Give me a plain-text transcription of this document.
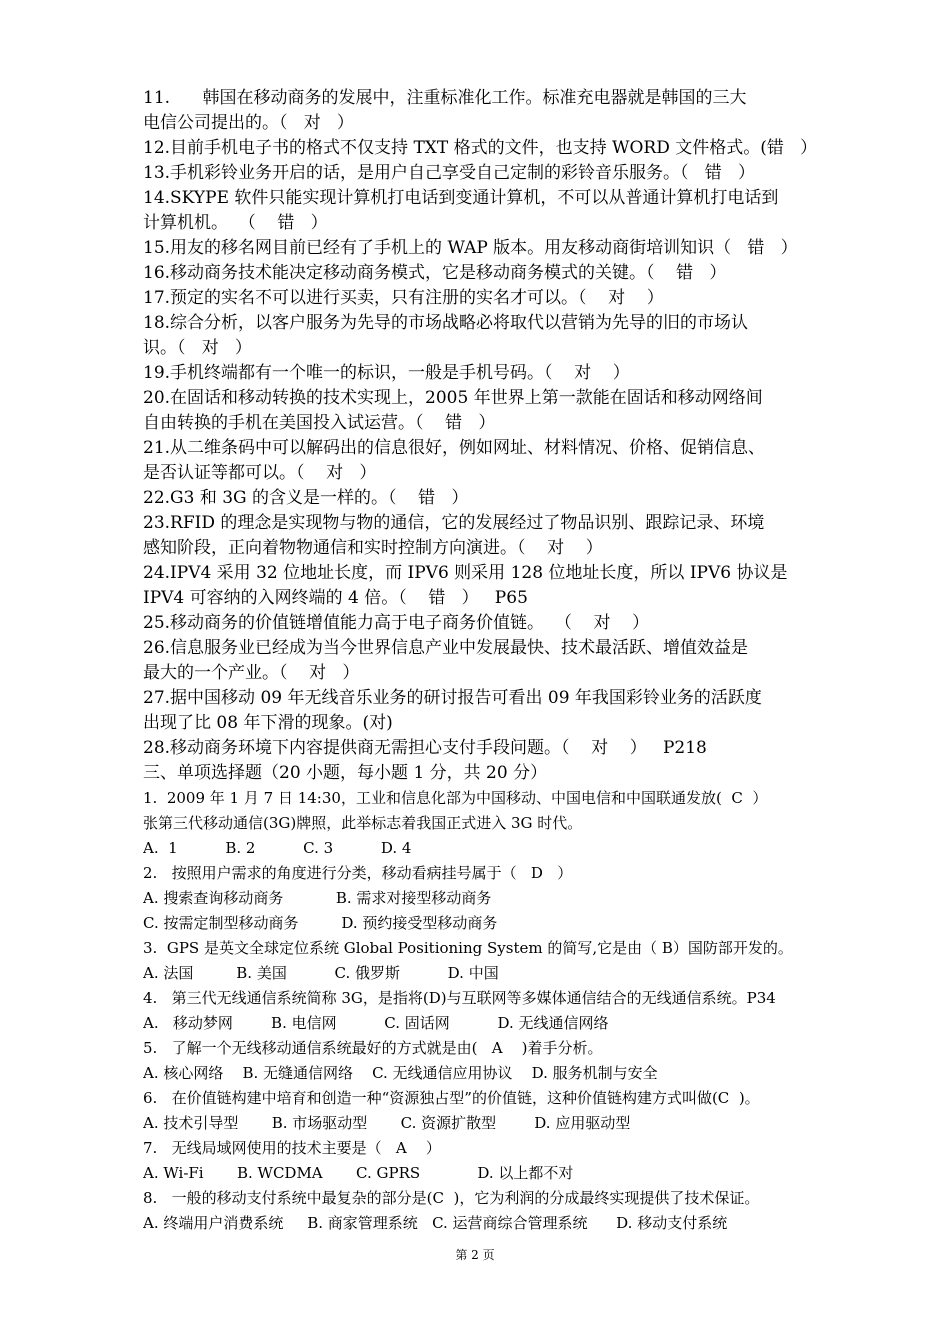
11.      韩国在移动商务的发展中，注重标准化工作。标准充电器就是韩国的三大
电信公司提出的。（   对   ）
12.目前手机电子书的格式不仅支持 TXT 格式的文件，也支持 WORD 文件格式。(错   ）
13.手机彩铃业务开启的话，是用户自己享受自己定制的彩铃音乐服务。（   错   ）
14.SKYPE 软件只能实现计算机打电话到变通计算机，不可以从普通计算机打电话到
计算机机。  （    错   ）
15.用友的移名网目前已经有了手机上的 WAP 版本。用友移动商街培训知识（   错   ）
16.移动商务技术能决定移动商务模式，它是移动商务模式的关键。（    错   ）
17.预定的实名不可以进行买卖，只有注册的实名才可以。（    对    ）
18.综合分析，以客户服务为先导的市场战略必将取代以营销为先导的旧的市场认
识。（   对   ）
19.手机终端都有一个唯一的标识，一般是手机号码。（    对    ）
20.在固话和移动转换的技术实现上，2005 年世界上第一款能在固话和移动网络间
自由转换的手机在美国投入试运营。（    错   ）
21.从二维条码中可以解码出的信息很好，例如网址、材料情况、价格、促销信息、
是否认证等都可以。（    对   ）
22.G3 和 3G 的含义是一样的。（    错   ）
23.RFID 的理念是实现物与物的通信，它的发展经过了物品识别、跟踪记录、环境
感知阶段，正向着物物通信和实时控制方向演进。（    对    ）
24.IPV4 采用 32 位地址长度，而 IPV6 则采用 128 位地址长度，所以 IPV6 协议是
IPV4 可容纳的入网终端的 4 倍。（    错   ）   P65
25.移动商务的价值链增值能力高于电子商务价值链。  （    对    ）
26.信息服务业已经成为当今世界信息产业中发展最快、技术最活跃、增值效益是
最大的一个产业。（    对   ）
27.据中国移动 09 年无线音乐业务的研讨报告可看出 09 年我国彩铃业务的活跃度
出现了比 08 年下滑的现象。(对)
28.移动商务环境下内容提供商无需担心支付手段问题。（    对    ）   P218
三、单项选择题（20 小题，每小题 1 分，共 20 分）
1.  2009 年 1 月 7 日 14:30，工业和信息化部为中国移动、中国电信和中国联通发放(  C  ）
张第三代移动通信(3G)牌照，此举标志着我国正式进入 3G 时代。
A.  1          B. 2          C. 3          D. 4
2.   按照用户需求的角度进行分类，移动看病挂号属于（   D   ）
A. 搜索查询移动商务           B. 需求对接型移动商务
C. 按需定制型移动商务         D. 预约接受型移动商务
3.  GPS 是英文全球定位系统 Global Positioning System 的简写,它是由（ B）国防部开发的。
A. 法国         B. 美国          C. 俄罗斯          D. 中国
4.   第三代无线通信系统简称 3G，是指将(D)与互联网等多媒体通信结合的无线通信系统。P34
A.   移动梦网        B. 电信网          C. 固话网          D. 无线通信网络
5.   了解一个无线移动通信系统最好的方式就是由(   A    )着手分析。
A. 核心网络    B. 无缝通信网络    C. 无线通信应用协议    D. 服务机制与安全
6.   在价值链构建中培育和创造一种“资源独占型”的价值链，这种价值链构建方式叫做(C  )。
A. 技术引导型       B. 市场驱动型       C. 资源扩散型        D. 应用驱动型
7.   无线局域网使用的技术主要是（   A    ）
A. Wi-Fi       B. WCDMA       C. GPRS            D. 以上都不对
8.   一般的移动支付系统中最复杂的部分是(C  )，它为利润的分成最终实现提供了技术保证。
A. 终端用户消费系统     B. 商家管理系统   C. 运营商综合管理系统      D. 移动支付系统
第 2 页
